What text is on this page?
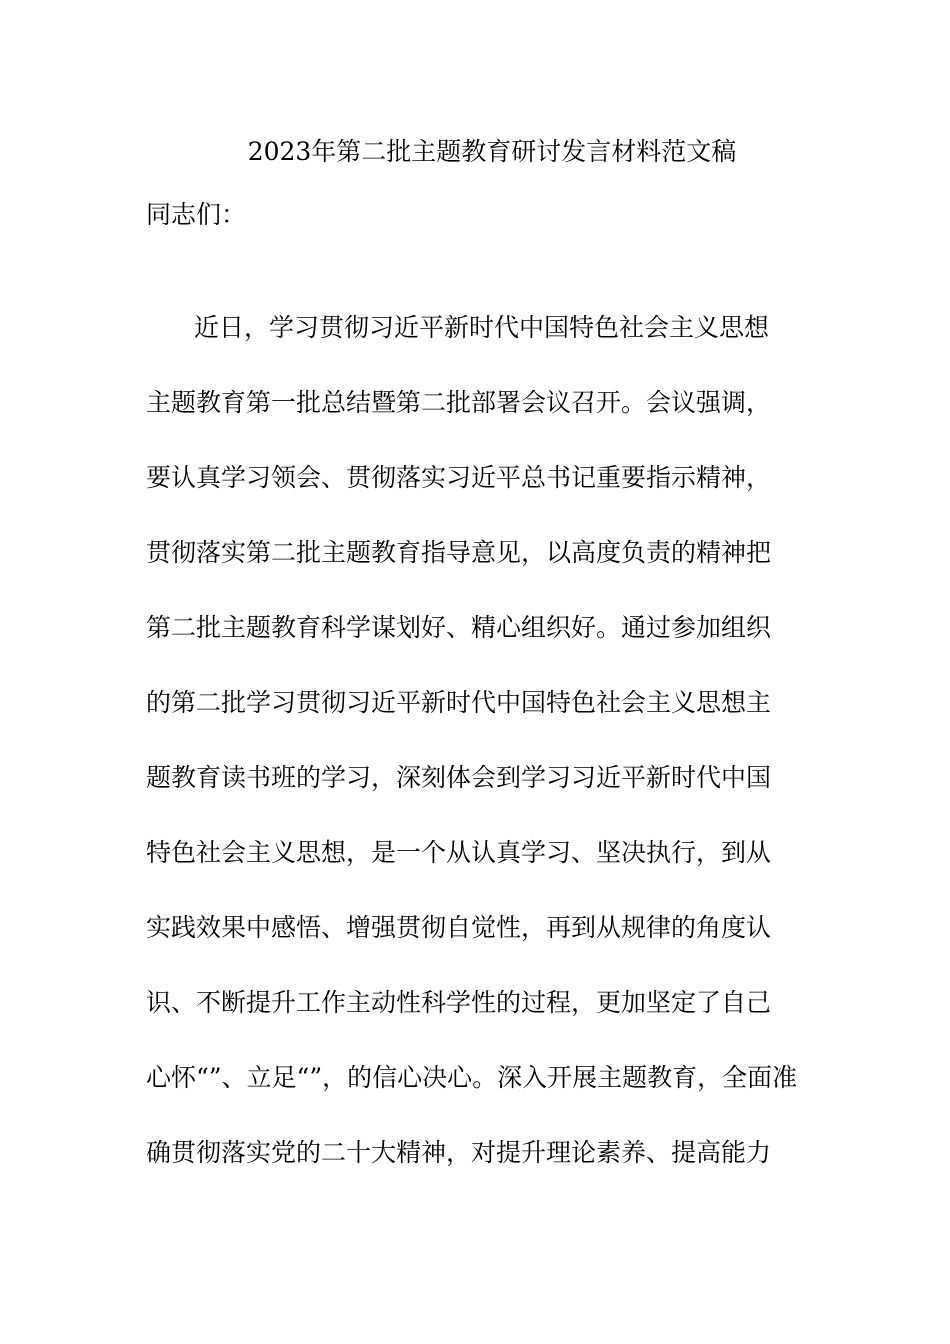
2023年第二批主题教育研讨发言材料范文稿
同志们：
近日，学习贯彻习近平新时代中国特色社会主义思想
主题教育第一批总结暨第二批部署会议召开。会议强调，
要认真学习领会、贯彻落实习近平总书记重要指示精神，
贯彻落实第二批主题教育指导意见，以高度负责的精神把
第二批主题教育科学谋划好、精心组织好。通过参加组织
的第二批学习贯彻习近平新时代中国特色社会主义思想主
题教育读书班的学习，深刻体会到学习习近平新时代中国
特色社会主义思想，是一个从认真学习、坚决执行，到从
实践效果中感悟、增强贯彻自觉性，再到从规律的角度认
识、不断提升工作主动性科学性的过程，更加坚定了自己
心怀“”、立足“”，的信心决心。深入开展主题教育，全面准
确贯彻落实党的二十大精神，对提升理论素养、提高能力
